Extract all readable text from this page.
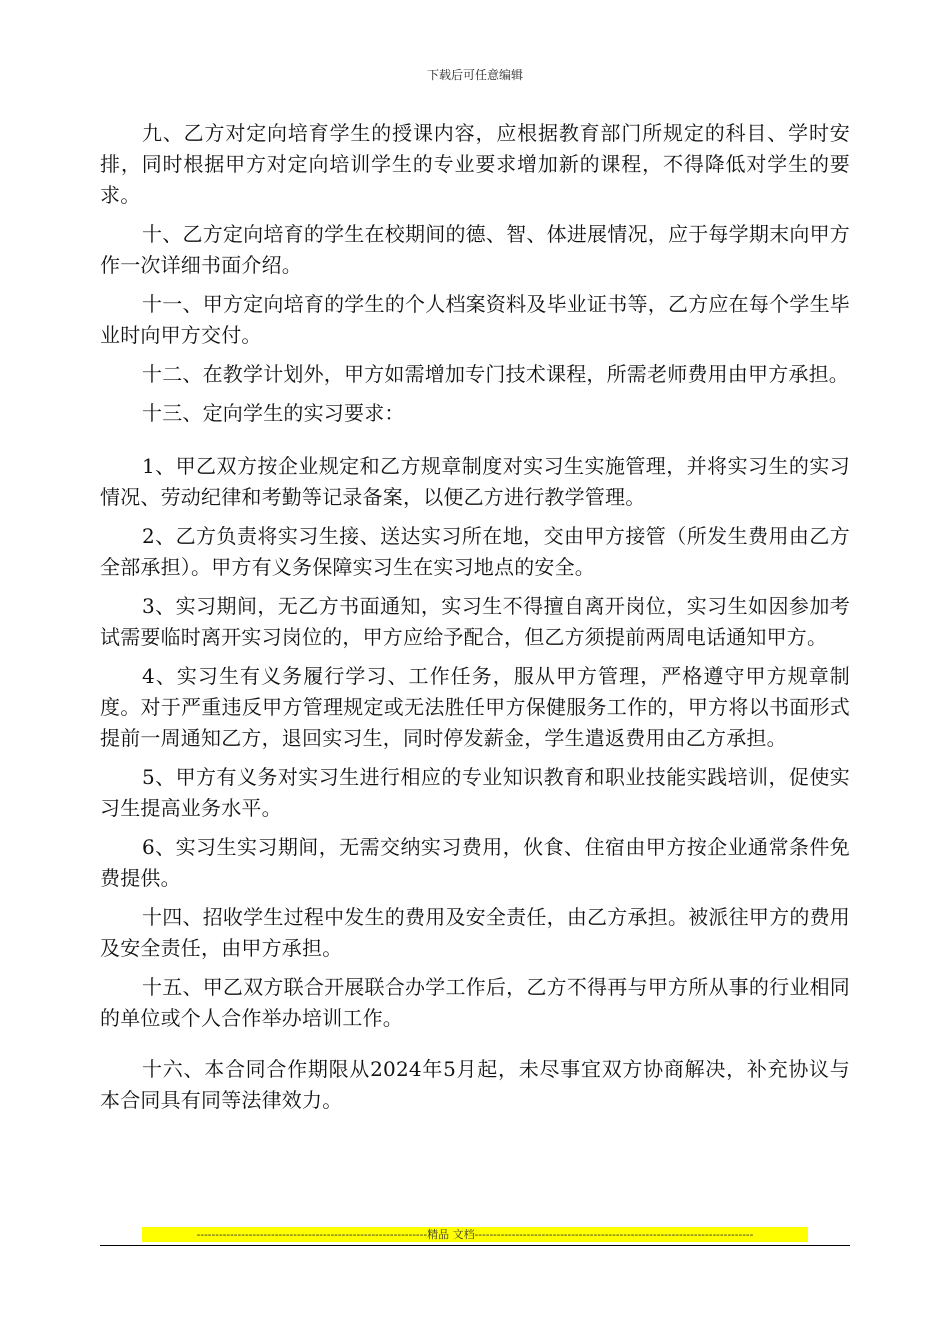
下载后可任意编辑

九、乙方对定向培育学生的授课内容，应根据教育部门所规定的科目、学时安排，同时根据甲方对定向培训学生的专业要求增加新的课程，不得降低对学生的要求。

十、乙方定向培育的学生在校期间的德、智、体进展情况，应于每学期末向甲方作一次详细书面介绍。

十一、甲方定向培育的学生的个人档案资料及毕业证书等，乙方应在每个学生毕业时向甲方交付。

十二、在教学计划外，甲方如需增加专门技术课程，所需老师费用由甲方承担。

十三、定向学生的实习要求：

1、甲乙双方按企业规定和乙方规章制度对实习生实施管理，并将实习生的实习情况、劳动纪律和考勤等记录备案，以便乙方进行教学管理。

2、乙方负责将实习生接、送达实习所在地，交由甲方接管（所发生费用由乙方全部承担）。甲方有义务保障实习生在实习地点的安全。

3、实习期间，无乙方书面通知，实习生不得擅自离开岗位，实习生如因参加考试需要临时离开实习岗位的，甲方应给予配合，但乙方须提前两周电话通知甲方。

4、实习生有义务履行学习、工作任务，服从甲方管理，严格遵守甲方规章制度。对于严重违反甲方管理规定或无法胜任甲方保健服务工作的，甲方将以书面形式提前一周通知乙方，退回实习生，同时停发薪金，学生遣返费用由乙方承担。

5、甲方有义务对实习生进行相应的专业知识教育和职业技能实践培训，促使实习生提高业务水平。

6、实习生实习期间，无需交纳实习费用，伙食、住宿由甲方按企业通常条件免费提供。

十四、招收学生过程中发生的费用及安全责任，由乙方承担。被派往甲方的费用及安全责任，由甲方承担。

十五、甲乙双方联合开展联合办学工作后，乙方不得再与甲方所从事的行业相同的单位或个人合作举办培训工作。

十六、本合同合作期限从2024年5月起，未尽事宜双方协商解决，补充协议与本合同具有同等法律效力。

--------------------------------------------------------------精品 文档---------------------------------------------------------------------------
